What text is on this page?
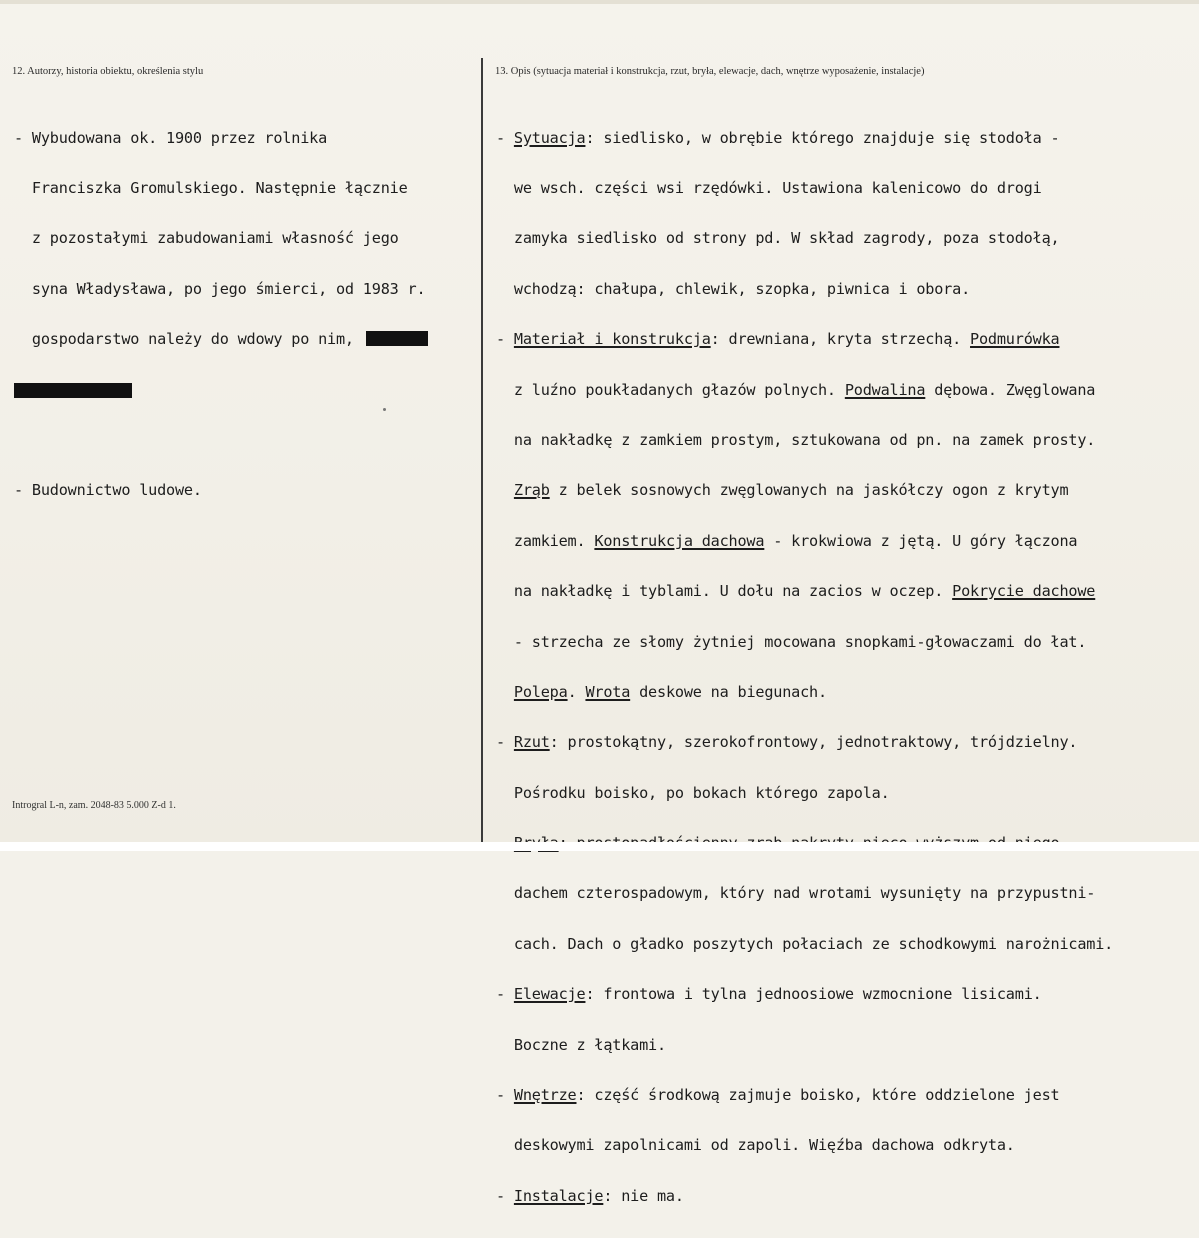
12. Autorzy, historia obiektu, określenia stylu	13. Opis (sytuacja materiał i konstrukcja, rzut, bryła, elewacje, dach, wnętrze wyposażenie, instalacje)

- Wybudowana ok. 1900 przez rolnika

Franciszka Gromulskiego. Następnie łącznie

z pozostałymi zabudowaniami własność jego

syna Władysława, po jego śmierci, od 1983 r.

gospodarstwo należy do wdowy po nim,

- Budownictwo ludowe.

- Sytuacja: siedlisko, w obrębie którego znajduje się stodoła -

we wsch. części wsi rzędówki. Ustawiona kalenicowo do drogi

zamyka siedlisko od strony pd. W skład zagrody, poza stodołą,

wchodzą: chałupa, chlewik, szopka, piwnica i obora.

- Materiał i konstrukcja: drewniana, kryta strzechą. Podmurówka

z luźno poukładanych głazów polnych. Podwalina dębowa. Zwęglowana

na nakładkę z zamkiem prostym, sztukowana od pn. na zamek prosty.

Zrąb z belek sosnowych zwęglowanych na jaskółczy ogon z krytym

zamkiem. Konstrukcja dachowa - krokwiowa z jętą. U góry łączona

na nakładkę i tyblami. U dołu na zacios w oczep. Pokrycie dachowe

- strzecha ze słomy żytniej mocowana snopkami-głowaczami do łat.

Polepa. Wrota deskowe na biegunach.

- Rzut: prostokątny, szerokofrontowy, jednotraktowy, trójdzielny.

Pośrodku boisko, po bokach którego zapola.

dachem czterospadowym, który nad wrotami wysunięty na przypustni-

cach. Dach o gładko poszytych połaciach ze schodkowymi narożnicami.

- Elewacje: frontowa i tylna jednoosiowe wzmocnione lisicami.

Boczne z łątkami.

- Wnętrze: część środkową zajmuje boisko, które oddzielone jest

deskowymi zapolnicami od zapoli. Więźba dachowa odkryta.

- Instalacje: nie ma.

Introgral L-n, zam. 2048-83 5.000 Z-d 1.
